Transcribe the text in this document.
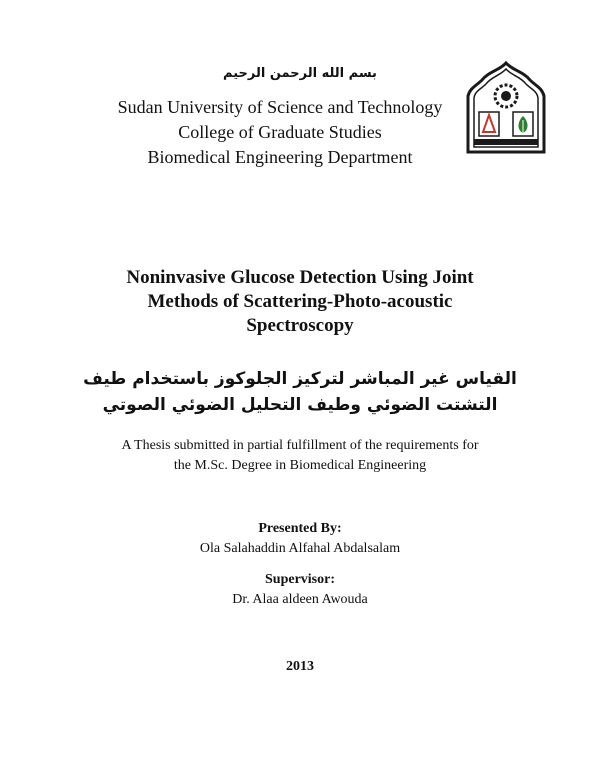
بسم الله الرحمن الرحيم
Sudan University of Science and Technology
College of Graduate Studies
Biomedical Engineering Department
Noninvasive Glucose Detection Using Joint
Methods of Scattering-Photo-acoustic
Spectroscopy
القياس غير المباشر لتركيز الجلوكوز باستخدام طيف
التشتت الضوئي وطيف التحليل الضوئي الصوتي
A Thesis submitted in partial fulfillment of the requirements for
the M.Sc. Degree in Biomedical Engineering
Presented By:
Ola Salahaddin Alfahal Abdalsalam
Supervisor:
Dr. Alaa aldeen Awouda
2013
